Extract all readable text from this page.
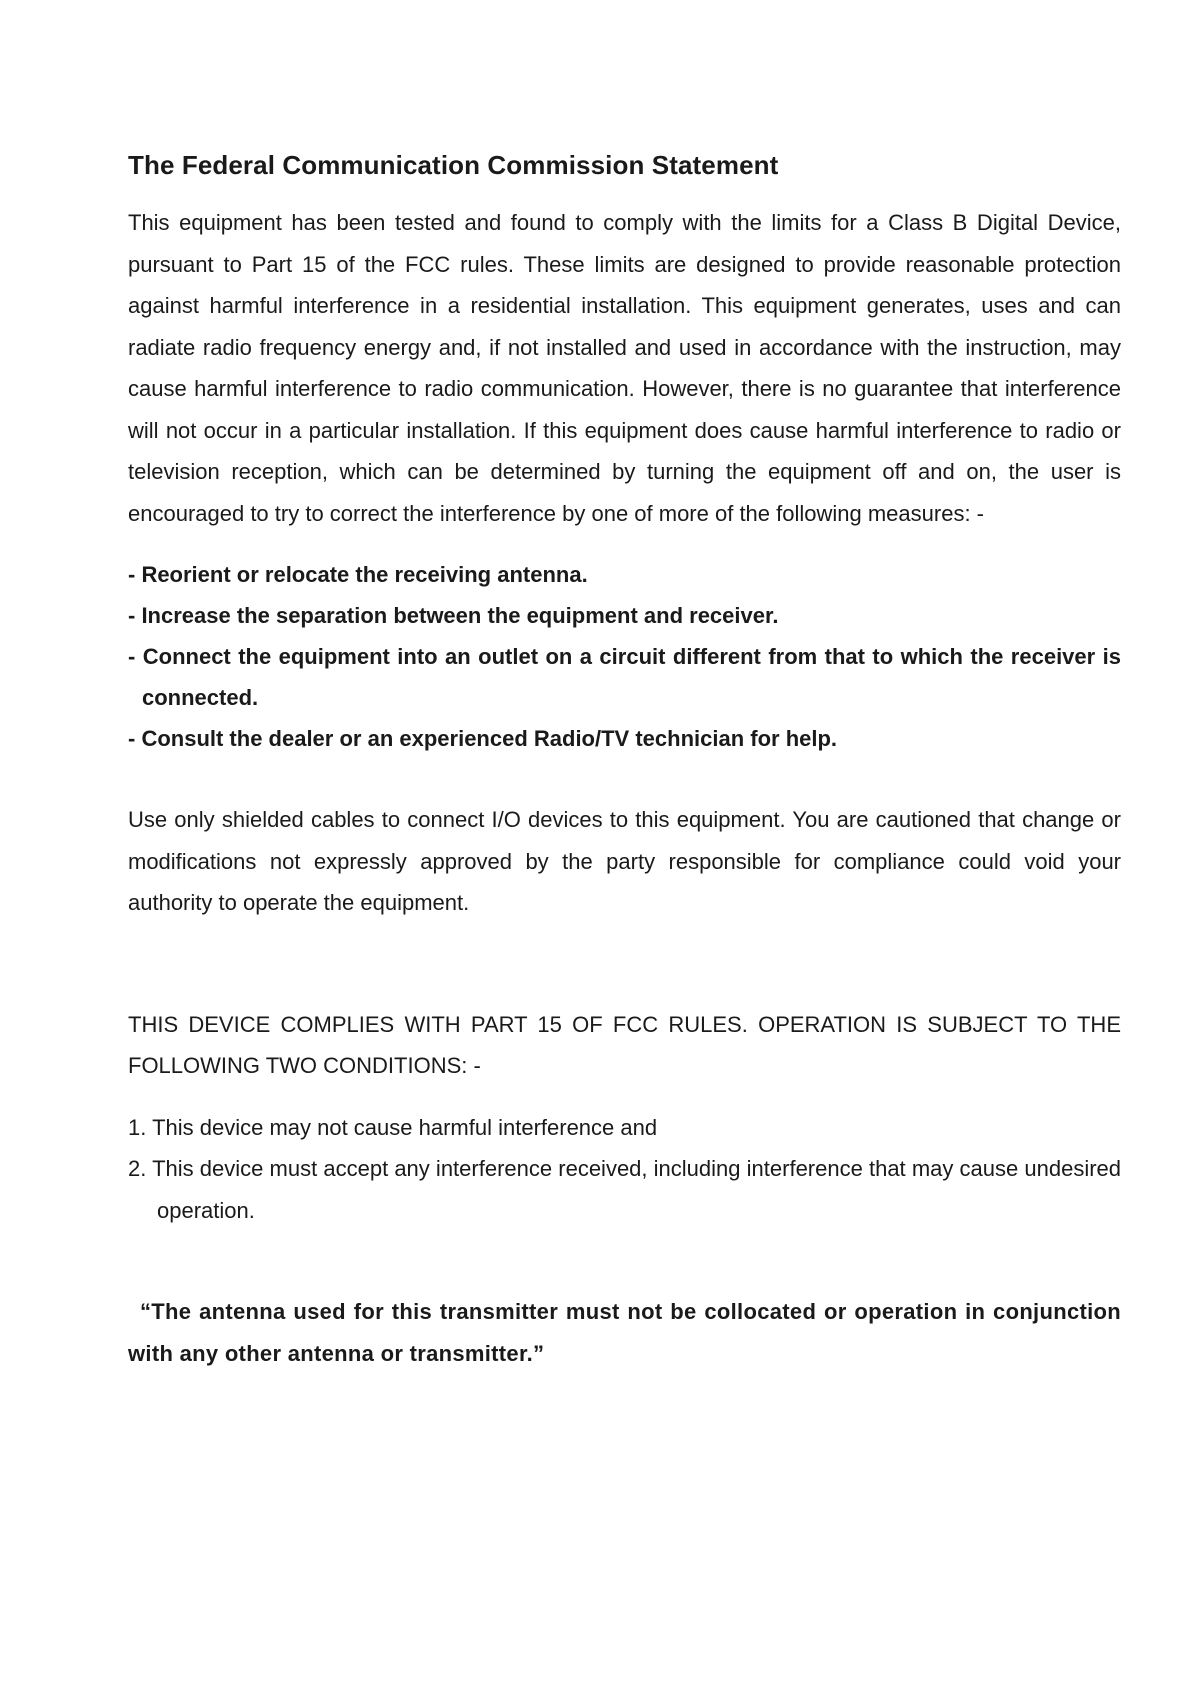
The Federal Communication Commission Statement

This equipment has been tested and found to comply with the limits for a Class B Digital Device, pursuant to Part 15 of the FCC rules. These limits are designed to provide reasonable protection against harmful interference in a residential installation. This equipment generates, uses and can radiate radio frequency energy and, if not installed and used in accordance with the instruction, may cause harmful interference to radio communication. However, there is no guarantee that interference will not occur in a particular installation. If this equipment does cause harmful interference to radio or television reception, which can be determined by turning the equipment off and on, the user is encouraged to try to correct the interference by one of more of the following measures: -

- Reorient or relocate the receiving antenna.
- Increase the separation between the equipment and receiver.
- Connect the equipment into an outlet on a circuit different from that to which the receiver is connected.
- Consult the dealer or an experienced Radio/TV technician for help.

Use only shielded cables to connect I/O devices to this equipment. You are cautioned that change or modifications not expressly approved by the party responsible for compliance could void your authority to operate the equipment.

THIS DEVICE COMPLIES WITH PART 15 OF FCC RULES. OPERATION IS SUBJECT TO THE FOLLOWING TWO CONDITIONS: -

1. This device may not cause harmful interference and
2. This device must accept any interference received, including interference that may cause undesired operation.

“The antenna used for this transmitter must not be collocated or operation in conjunction with any other antenna or transmitter.”
